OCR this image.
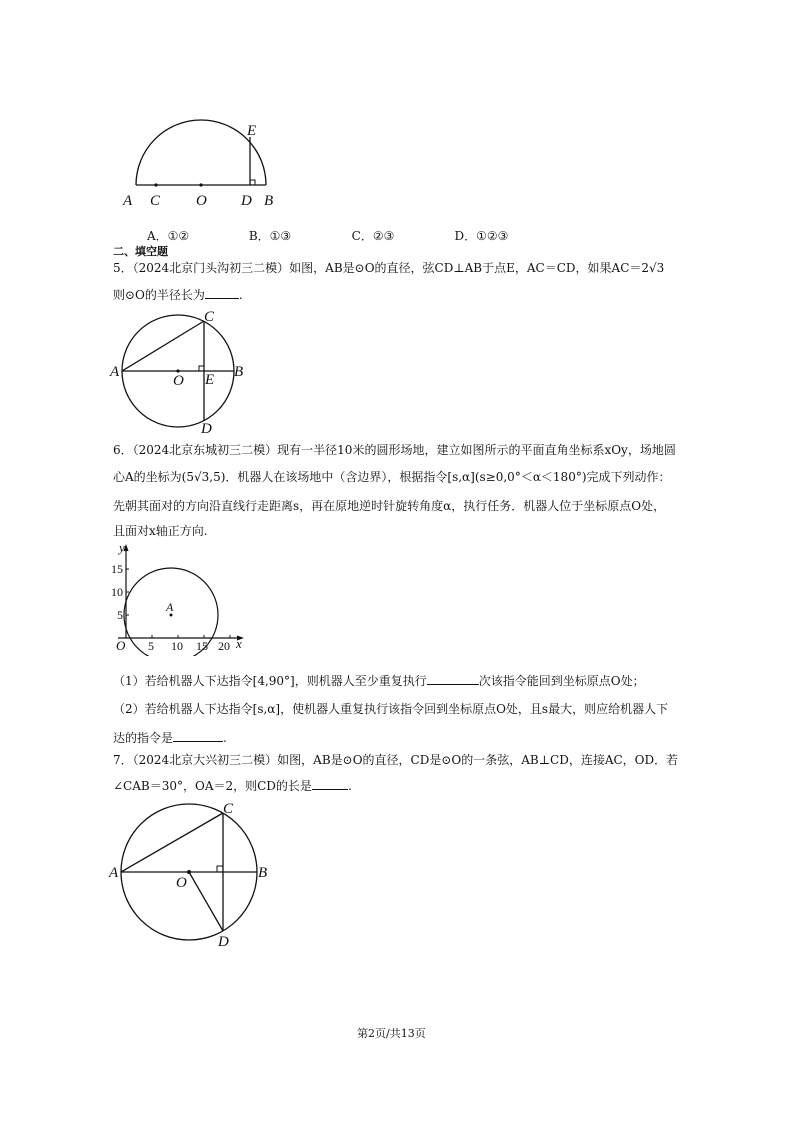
E
A C O D B
A．①②	B．①③	C．②③	D．①②③
二、填空题
5．（2024北京门头沟初三二模）如图，AB是⊙O的直径，弦CD⊥AB于点E，AC＝CD，如果AC＝2√3
则⊙O的半径长为	.
C
A	B
O E
D
6．（2024北京东城初三二模）现有一半径10米的圆形场地，建立如图所示的平面直角坐标系xOy，场地圆
心A的坐标为(5√3,5)．机器人在该场地中（含边界），根据指令[s,α](s≥0,0°＜α＜180°)完成下列动作：
先朝其面对的方向沿直线行走距离s，再在原地逆时针旋转角度α，执行任务．机器人位于坐标原点O处，
且面对x轴正方向.
A
y
x
O
15
10
5
5 10 15 20
（1）若给机器人下达指令[4,90°]，则机器人至少重复执行	次该指令能回到坐标原点O处；
（2）若给机器人下达指令[s,α]，使机器人重复执行该指令回到坐标原点O处，且s最大，则应给机器人下
达的指令是	.
7．（2024北京大兴初三二模）如图，AB是⊙O的直径，CD是⊙O的一条弦，AB⊥CD，连接AC，OD．若
∠CAB＝30°，OA＝2，则CD的长是	.
C
A	B
O
D
第2页/共13页
